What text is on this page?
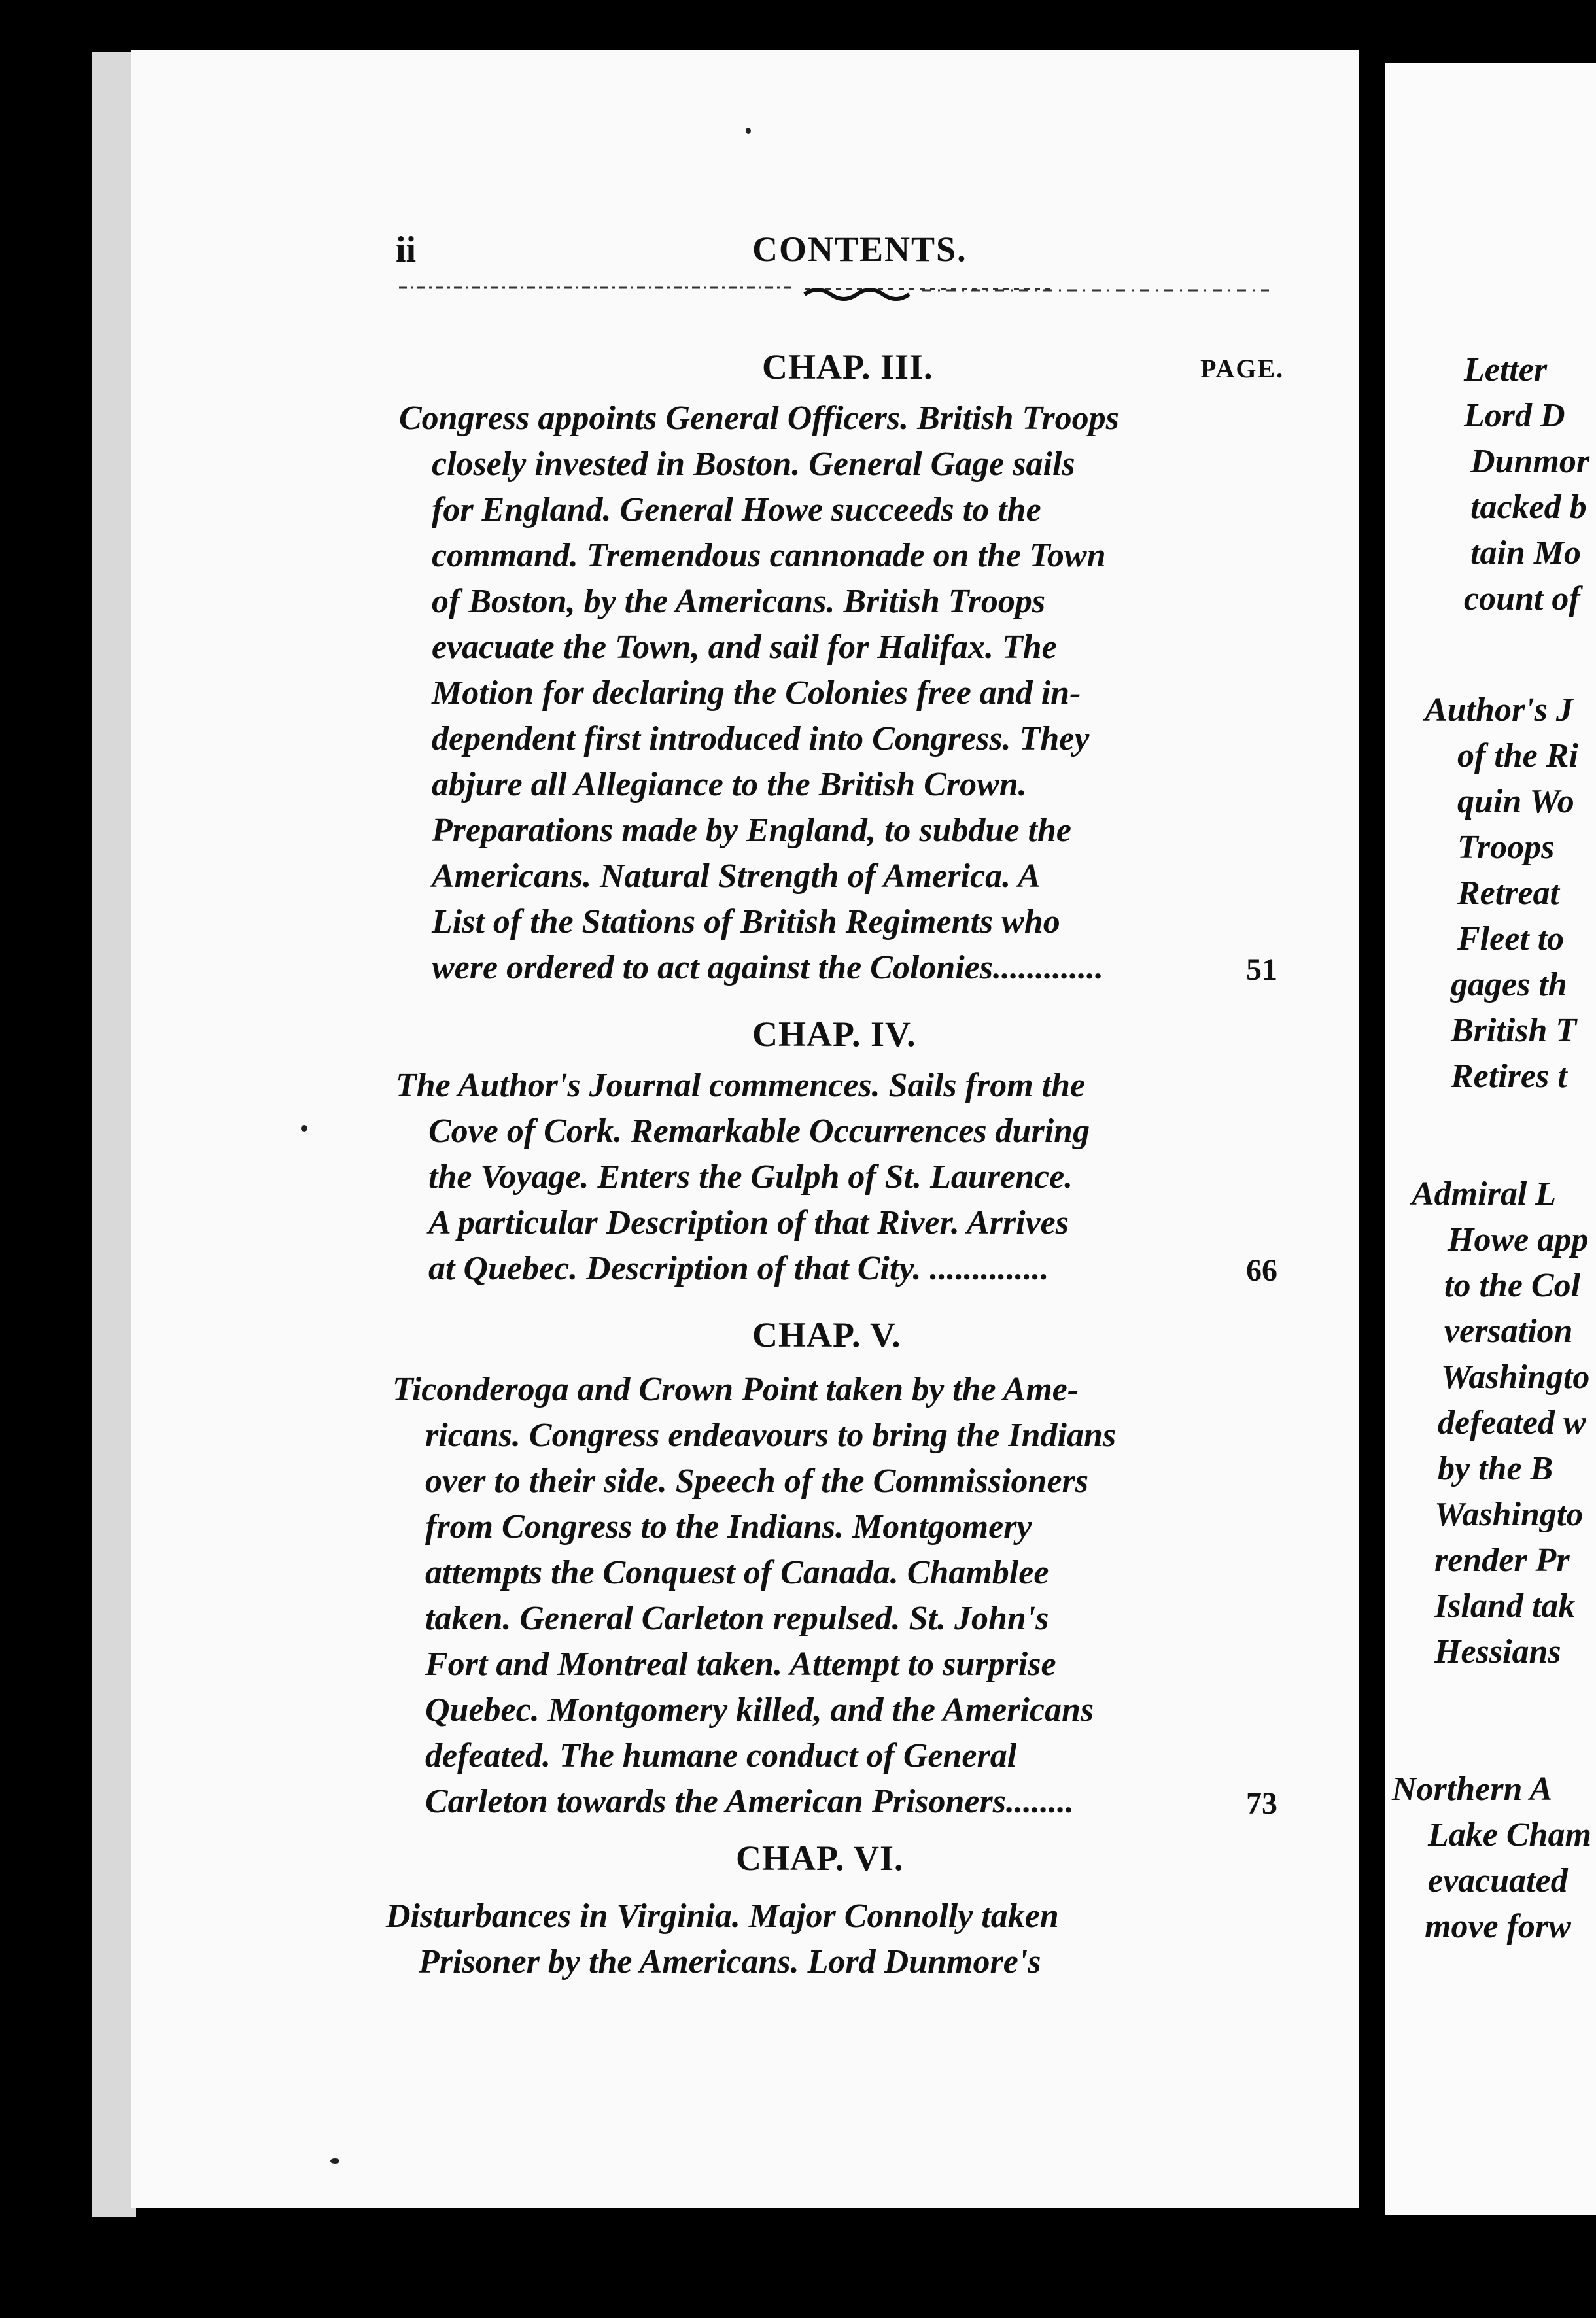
ii	CONTENTS.
PAGE.
CHAP. III.
Congress appoints General Officers. British Troops
closely invested in Boston. General Gage sails
for England. General Howe succeeds to the
command. Tremendous cannonade on the Town
of Boston, by the Americans. British Troops
evacuate the Town, and sail for Halifax. The
Motion for declaring the Colonies free and in-
dependent first introduced into Congress. They
abjure all Allegiance to the British Crown.
Preparations made by England, to subdue the
Americans. Natural Strength of America. A
List of the Stations of British Regiments who
were ordered to act against the Colonies.............	51
CHAP. IV.
The Author's Journal commences. Sails from the
Cove of Cork. Remarkable Occurrences during
the Voyage. Enters the Gulph of St. Laurence.
A particular Description of that River. Arrives
at Quebec. Description of that City. ..............	66
CHAP. V.
Ticonderoga and Crown Point taken by the Ame-
ricans. Congress endeavours to bring the Indians
over to their side. Speech of the Commissioners
from Congress to the Indians. Montgomery
attempts the Conquest of Canada. Chamblee
taken. General Carleton repulsed. St. John's
Fort and Montreal taken. Attempt to surprise
Quebec. Montgomery killed, and the Americans
defeated. The humane conduct of General
Carleton towards the American Prisoners........	73
CHAP. VI.
Disturbances in Virginia. Major Connolly taken
Prisoner by the Americans. Lord Dunmore's
Letter
Lord D
Dunmor
tacked b
tain Mo
count of
Author's J
of the Ri
quin Wo
Troops
Retreat
Fleet to
gages th
British T
Retires t
Admiral L
Howe app
to the Col
versation
Washingto
defeated w
by the B
Washingto
render Pr
Island tak
Hessians
Northern A
Lake Cham
evacuated
move forw
